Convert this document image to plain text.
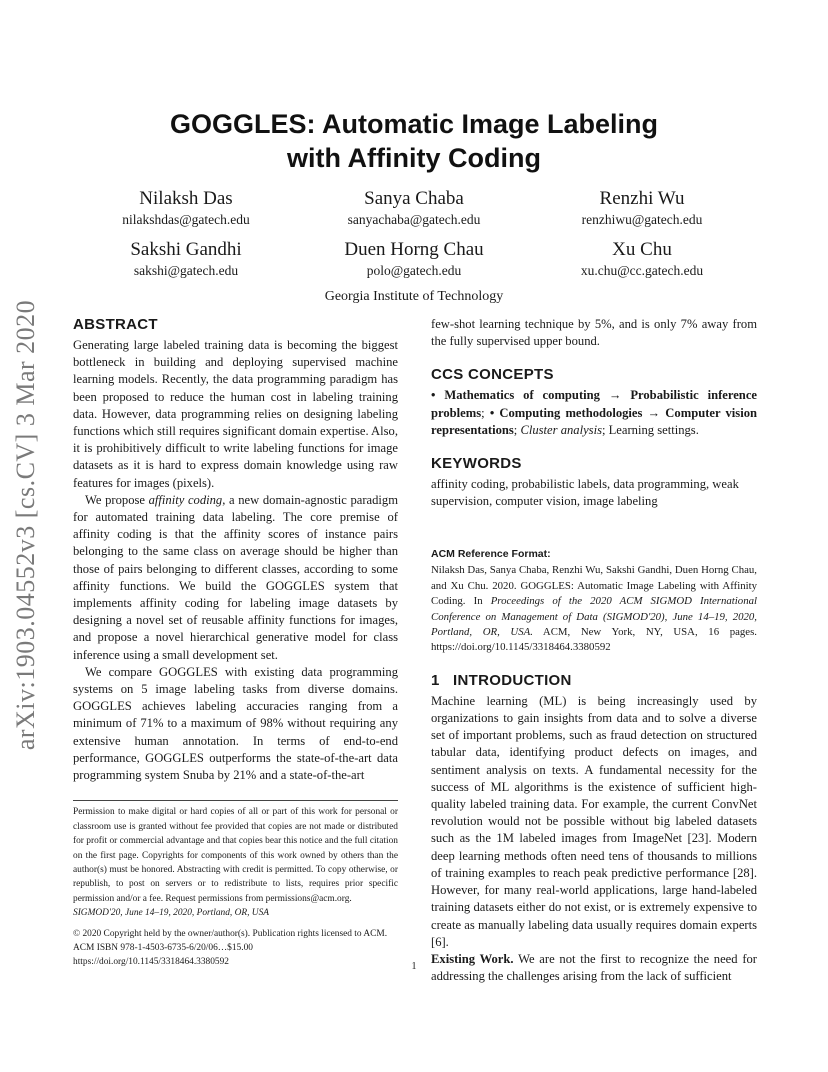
arXiv:1903.04552v3 [cs.CV] 3 Mar 2020
GOGGLES: Automatic Image Labeling
with Affinity Coding
Nilaksh Das
nilakshdas@gatech.edu
Sanya Chaba
sanyachaba@gatech.edu
Renzhi Wu
renzhiwu@gatech.edu
Sakshi Gandhi
sakshi@gatech.edu
Duen Horng Chau
polo@gatech.edu
Xu Chu
xu.chu@cc.gatech.edu
Georgia Institute of Technology
ABSTRACT

Generating large labeled training data is becoming the biggest bottleneck in building and deploying supervised machine learning models. Recently, the data programming paradigm has been proposed to reduce the human cost in labeling training data. However, data programming relies on designing labeling functions which still requires significant domain expertise. Also, it is prohibitively difficult to write labeling functions for image datasets as it is hard to express domain knowledge using raw features for images (pixels).

We propose affinity coding, a new domain-agnostic paradigm for automated training data labeling. The core premise of affinity coding is that the affinity scores of instance pairs belonging to the same class on average should be higher than those of pairs belonging to different classes, according to some affinity functions. We build the GOGGLES system that implements affinity coding for labeling image datasets by designing a novel set of reusable affinity functions for images, and propose a novel hierarchical generative model for class inference using a small development set.

We compare GOGGLES with existing data programming systems on 5 image labeling tasks from diverse domains. GOGGLES achieves labeling accuracies ranging from a minimum of 71% to a maximum of 98% without requiring any extensive human annotation. In terms of end-to-end performance, GOGGLES outperforms the state-of-the-art data programming system Snuba by 21% and a state-of-the-art

Permission to make digital or hard copies of all or part of this work for personal or classroom use is granted without fee provided that copies are not made or distributed for profit or commercial advantage and that copies bear this notice and the full citation on the first page. Copyrights for components of this work owned by others than the author(s) must be honored. Abstracting with credit is permitted. To copy otherwise, or republish, to post on servers or to redistribute to lists, requires prior specific permission and/or a fee. Request permissions from permissions@acm.org.

SIGMOD'20, June 14–19, 2020, Portland, OR, USA

© 2020 Copyright held by the owner/author(s). Publication rights licensed to ACM.

ACM ISBN 978-1-4503-6735-6/20/06…$15.00

https://doi.org/10.1145/3318464.3380592

few-shot learning technique by 5%, and is only 7% away from the fully supervised upper bound.

CCS CONCEPTS

• Mathematics of computing → Probabilistic inference problems; • Computing methodologies → Computer vision representations; Cluster analysis; Learning settings.

KEYWORDS

affinity coding, probabilistic labels, data programming, weak supervision, computer vision, image labeling

ACM Reference Format:

Nilaksh Das, Sanya Chaba, Renzhi Wu, Sakshi Gandhi, Duen Horng Chau, and Xu Chu. 2020. GOGGLES: Automatic Image Labeling with Affinity Coding. In Proceedings of the 2020 ACM SIGMOD International Conference on Management of Data (SIGMOD'20), June 14–19, 2020, Portland, OR, USA. ACM, New York, NY, USA, 16 pages. https://doi.org/10.1145/3318464.3380592

1   INTRODUCTION

Machine learning (ML) is being increasingly used by organizations to gain insights from data and to solve a diverse set of important problems, such as fraud detection on structured tabular data, identifying product defects on images, and sentiment analysis on texts. A fundamental necessity for the success of ML algorithms is the existence of sufficient high-quality labeled training data. For example, the current ConvNet revolution would not be possible without big labeled datasets such as the 1M labeled images from ImageNet [23]. Modern deep learning methods often need tens of thousands to millions of training examples to reach peak predictive performance [28]. However, for many real-world applications, large hand-labeled training datasets either do not exist, or is extremely expensive to create as manually labeling data usually requires domain experts [6].

Existing Work. We are not the first to recognize the need for addressing the challenges arising from the lack of sufficient

1
